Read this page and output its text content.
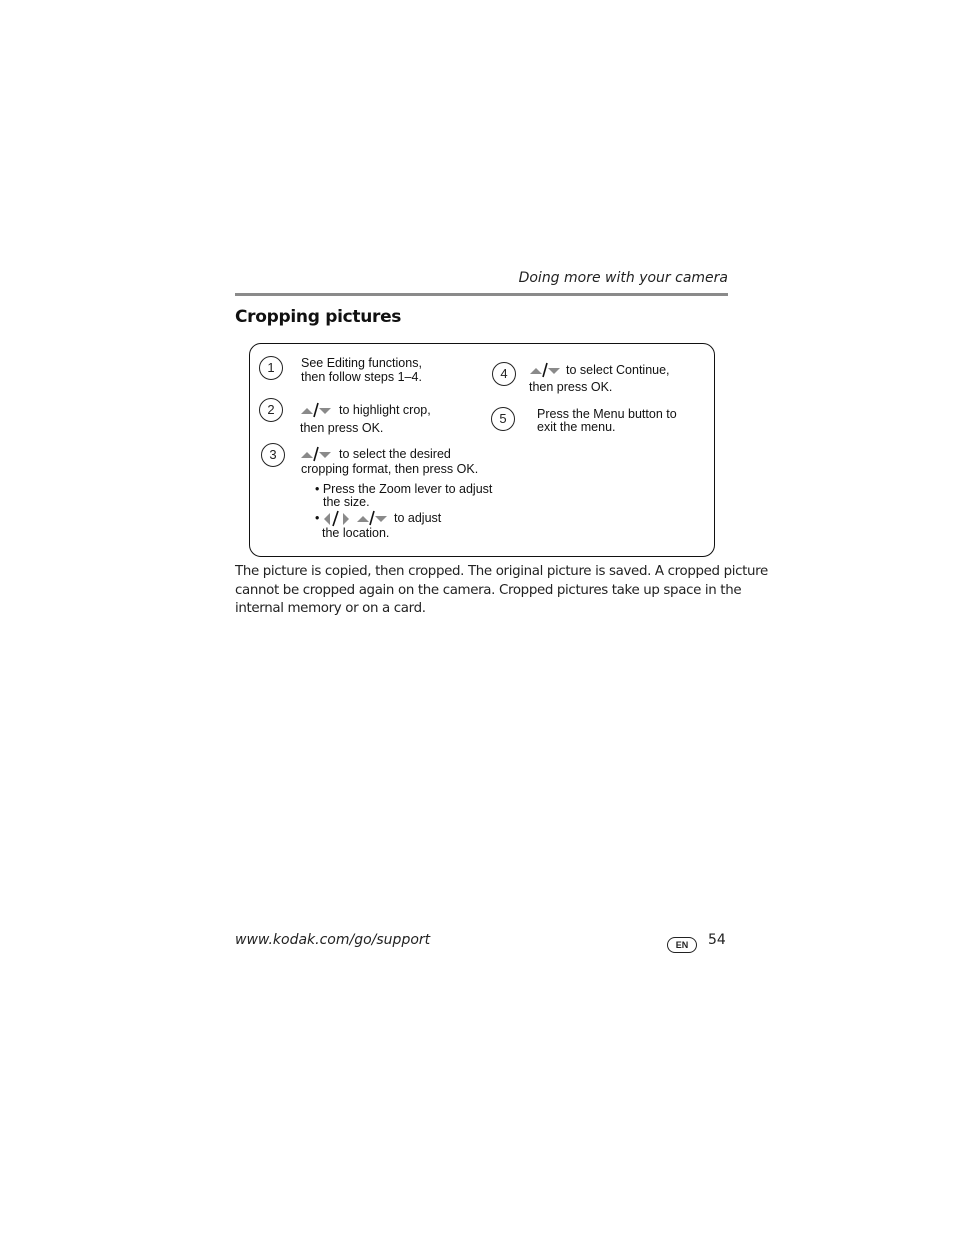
Doing more with your camera
Cropping pictures
1	See Editing functions,
then follow steps 1–4.
2	to highlight crop,
then press OK.
3	to select the desired
cropping format, then press OK.
• Press the Zoom lever to adjust
the size.
•	to adjust
the location.
4	to select Continue,
then press OK.
5	Press the Menu button to
exit the menu.
The picture is copied, then cropped. The original picture is saved. A cropped picture
cannot be cropped again on the camera. Cropped pictures take up space in the
internal memory or on a card.
www.kodak.com/go/support	EN	54
